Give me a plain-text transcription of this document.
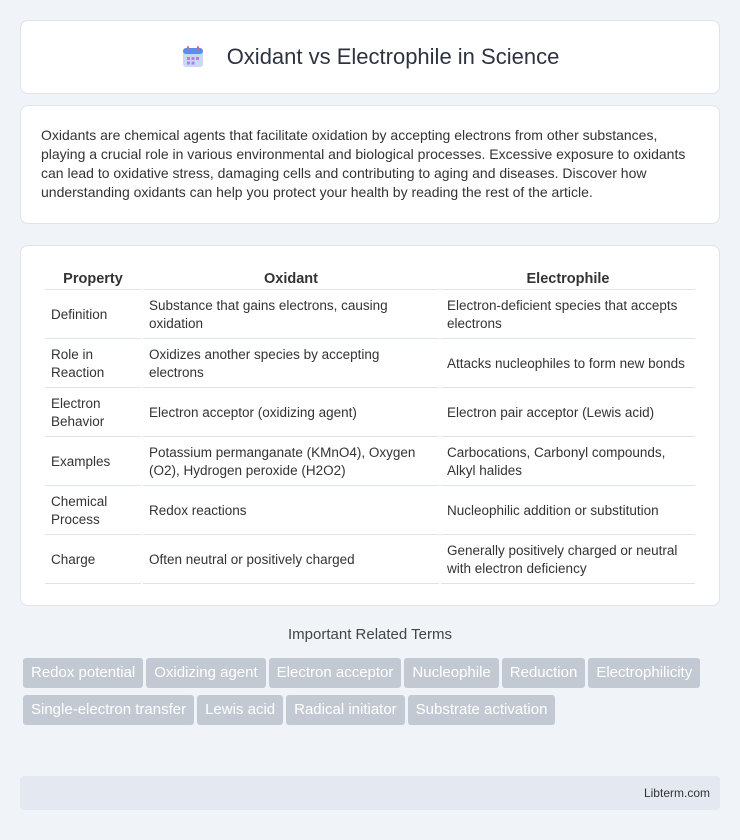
Oxidant vs Electrophile in Science

Oxidants are chemical agents that facilitate oxidation by accepting electrons from other substances, playing a crucial role in various environmental and biological processes. Excessive exposure to oxidants can lead to oxidative stress, damaging cells and contributing to aging and diseases. Discover how understanding oxidants can help you protect your health by reading the rest of the article.

Property	Oxidant	Electrophile
Definition	Substance that gains electrons, causing oxidation	Electron-deficient species that accepts electrons
Role in Reaction	Oxidizes another species by accepting electrons	Attacks nucleophiles to form new bonds
Electron Behavior	Electron acceptor (oxidizing agent)	Electron pair acceptor (Lewis acid)
Examples	Potassium permanganate (KMnO4), Oxygen (O2), Hydrogen peroxide (H2O2)	Carbocations, Carbonyl compounds, Alkyl halides
Chemical Process	Redox reactions	Nucleophilic addition or substitution
Charge	Often neutral or positively charged	Generally positively charged or neutral with electron deficiency
Important Related Terms
Redox potential	Oxidizing agent	Electron acceptor	Nucleophile	Reduction	Electrophilicity
Single-electron transfer	Lewis acid	Radical initiator	Substrate activation
Libterm.com
